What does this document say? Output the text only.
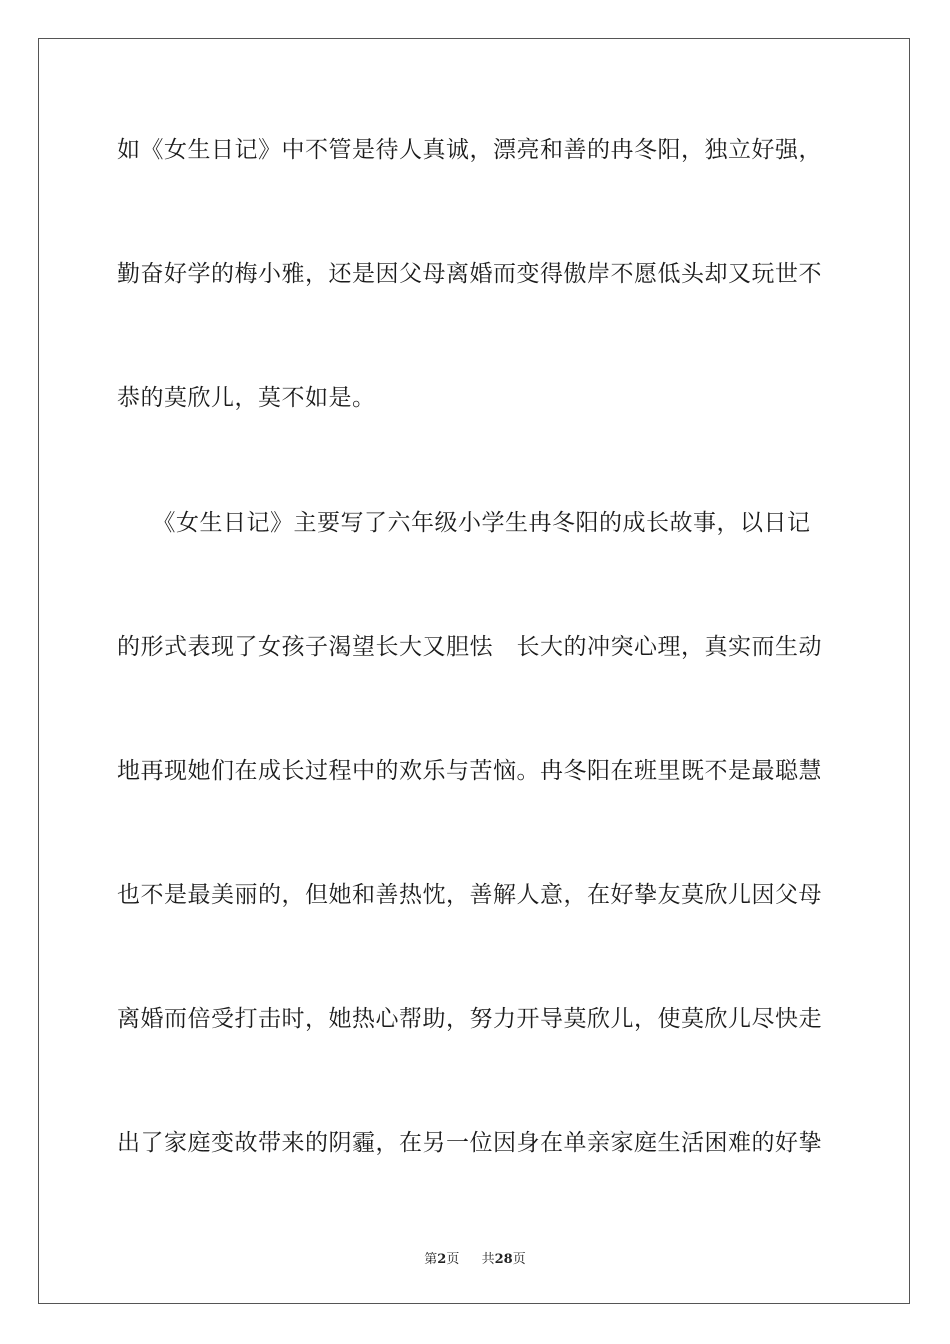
如《女生日记》中不管是待人真诚，漂亮和善的冉冬阳，独立好强，
勤奋好学的梅小雅，还是因父母离婚而变得傲岸不愿低头却又玩世不
恭的莫欣儿，莫不如是。
　　《女生日记》主要写了六年级小学生冉冬阳的成长故事，以日记
的形式表现了女孩子渴望长大又胆怯　长大的冲突心理，真实而生动
地再现她们在成长过程中的欢乐与苦恼。冉冬阳在班里既不是最聪慧
也不是最美丽的，但她和善热忱，善解人意，在好挚友莫欣儿因父母
离婚而倍受打击时，她热心帮助，努力开导莫欣儿，使莫欣儿尽快走
出了家庭变故带来的阴霾，在另一位因身在单亲家庭生活困难的好挚
第2页 共28页
